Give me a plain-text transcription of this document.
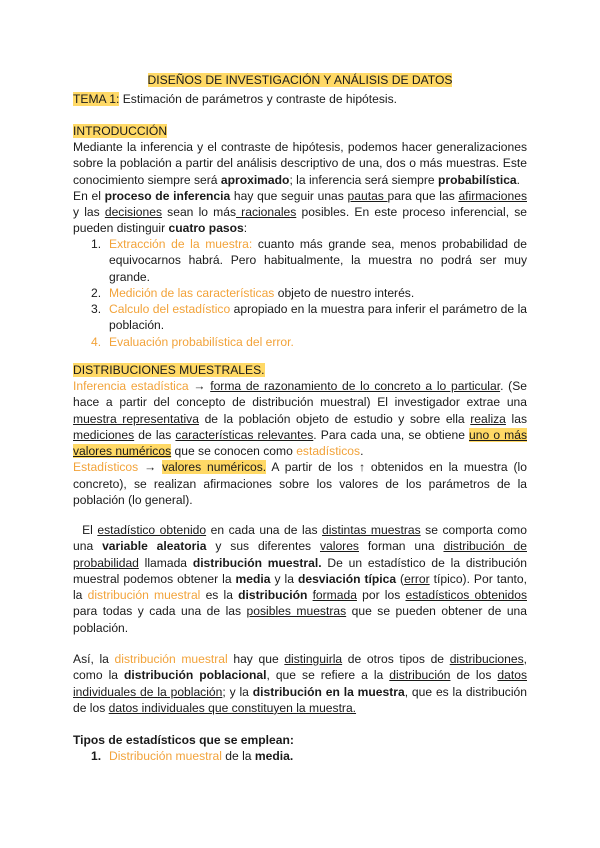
DISEÑOS DE INVESTIGACIÓN Y ANÁLISIS DE DATOS
TEMA 1: Estimación de parámetros y contraste de hipótesis.
INTRODUCCIÓN
Mediante la inferencia y el contraste de hipótesis, podemos hacer generalizaciones sobre la población a partir del análisis descriptivo de una, dos o más muestras. Este conocimiento siempre será aproximado; la inferencia será siempre probabilística.
En el proceso de inferencia hay que seguir unas pautas para que las afirmaciones y las decisiones sean lo más racionales posibles. En este proceso inferencial, se pueden distinguir cuatro pasos:
1. Extracción de la muestra: cuanto más grande sea, menos probabilidad de equivocarnos habrá. Pero habitualmente, la muestra no podrá ser muy grande.
2. Medición de las características objeto de nuestro interés.
3. Calculo del estadístico apropiado en la muestra para inferir el parámetro de la población.
4. Evaluación probabilística del error.
DISTRIBUCIONES MUESTRALES.
Inferencia estadística → forma de razonamiento de lo concreto a lo particular. (Se hace a partir del concepto de distribución muestral) El investigador extrae una muestra representativa de la población objeto de estudio y sobre ella realiza las mediciones de las características relevantes. Para cada una, se obtiene uno o más valores numéricos que se conocen como estadísticos.
Estadísticos → valores numéricos. A partir de los ↑ obtenidos en la muestra (lo concreto), se realizan afirmaciones sobre los valores de los parámetros de la población (lo general).
El estadístico obtenido en cada una de las distintas muestras se comporta como una variable aleatoria y sus diferentes valores forman una distribución de probabilidad llamada distribución muestral. De un estadístico de la distribución muestral podemos obtener la media y la desviación típica (error típico). Por tanto, la distribución muestral es la distribución formada por los estadísticos obtenidos para todas y cada una de las posibles muestras que se pueden obtener de una población.
Así, la distribución muestral hay que distinguirla de otros tipos de distribuciones, como la distribución poblacional, que se refiere a la distribución de los datos individuales de la población; y la distribución en la muestra, que es la distribución de los datos individuales que constituyen la muestra.
Tipos de estadísticos que se emplean:
1. Distribución muestral de la media.
